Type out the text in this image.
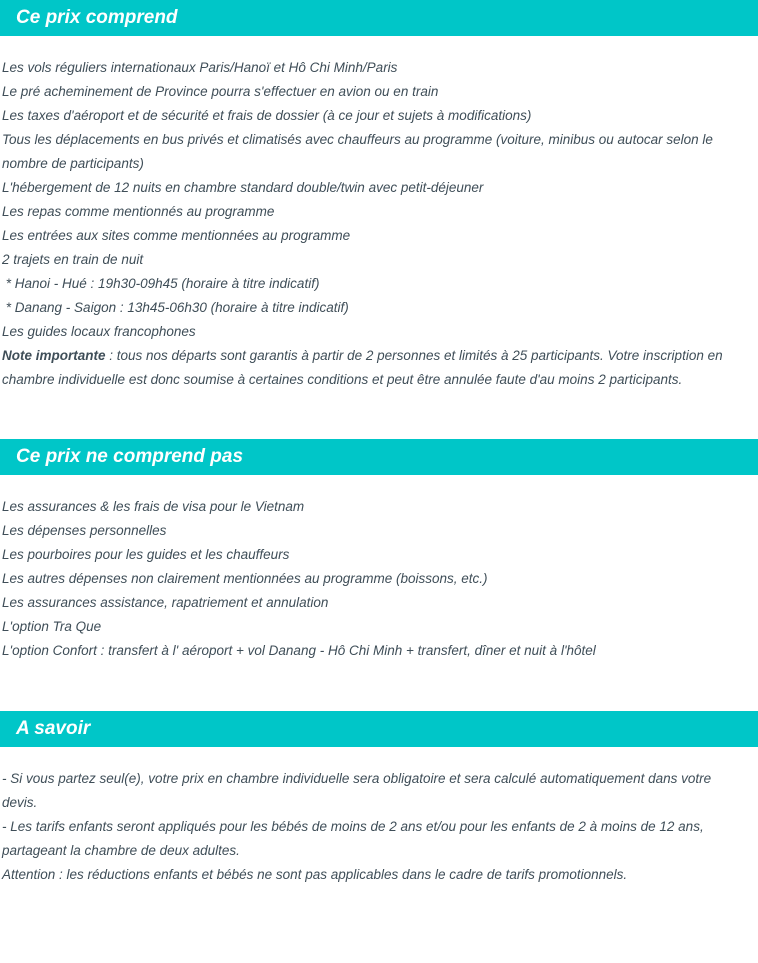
Ce prix comprend

Les vols réguliers internationaux Paris/Hanoï et Hô Chi Minh/Paris

Le pré acheminement de Province pourra s'effectuer en avion ou en train

Les taxes d'aéroport et de sécurité et frais de dossier (à ce jour et sujets à modifications)

Tous les déplacements en bus privés et climatisés avec chauffeurs au programme (voiture, minibus ou autocar selon le nombre de participants)

L'hébergement de 12 nuits en chambre standard double/twin avec petit-déjeuner

Les repas comme mentionnés au programme

Les entrées aux sites comme mentionnées au programme

2 trajets en train de nuit

* Hanoi - Hué : 19h30-09h45 (horaire à titre indicatif)

* Danang - Saigon : 13h45-06h30 (horaire à titre indicatif)

Les guides locaux francophones

Note importante : tous nos départs sont garantis à partir de 2 personnes et limités à 25 participants. Votre inscription en chambre individuelle est donc soumise à certaines conditions et peut être annulée faute d'au moins 2 participants.

Ce prix ne comprend pas

Les assurances & les frais de visa pour le Vietnam

Les dépenses personnelles

Les pourboires pour les guides et les chauffeurs

Les autres dépenses non clairement mentionnées au programme (boissons, etc.)

Les assurances assistance, rapatriement et annulation

L'option Tra Que

L'option Confort : transfert à l' aéroport + vol Danang - Hô Chi Minh + transfert, dîner et nuit à l'hôtel

A savoir

- Si vous partez seul(e), votre prix en chambre individuelle sera obligatoire et sera calculé automatiquement dans votre devis.

- Les tarifs enfants seront appliqués pour les bébés de moins de 2 ans et/ou pour les enfants de 2 à moins de 12 ans, partageant la chambre de deux adultes.

Attention : les réductions enfants et bébés ne sont pas applicables dans le cadre de tarifs promotionnels.
